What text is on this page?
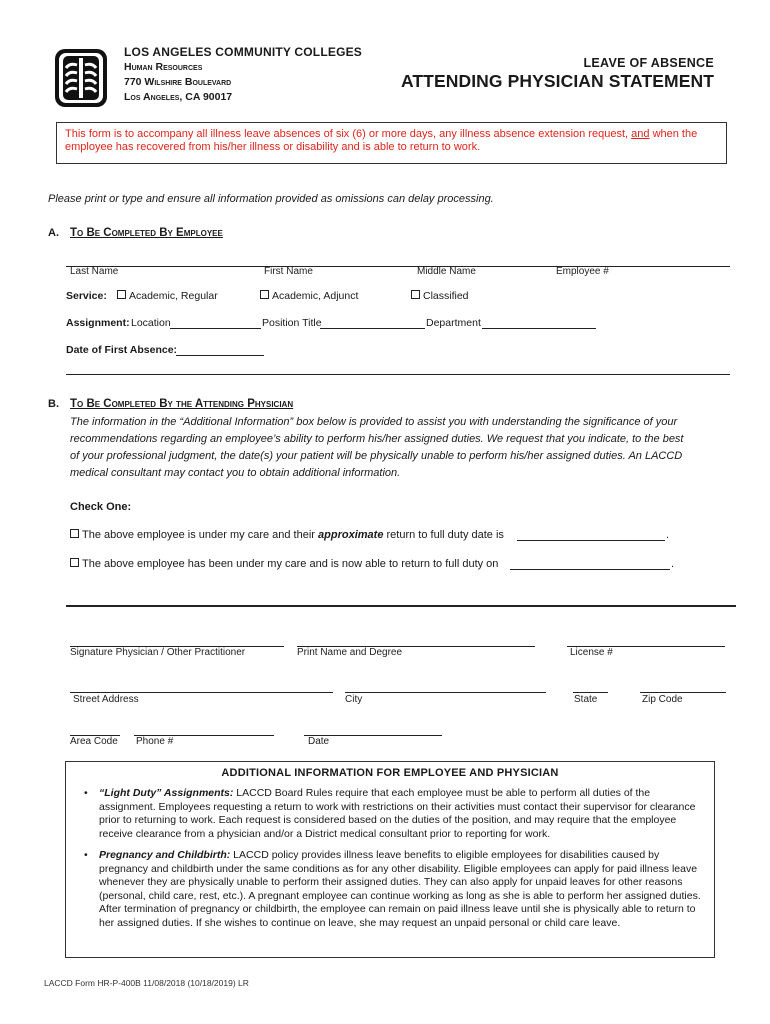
LOS ANGELES COMMUNITY COLLEGES
Human Resources
770 Wilshire Boulevard
Los Angeles, CA 90017
LEAVE OF ABSENCE
ATTENDING PHYSICIAN STATEMENT
This form is to accompany all illness leave absences of six (6) or more days, any illness absence extension request, and when the employee has recovered from his/her illness or disability and is able to return to work.
Please print or type and ensure all information provided as omissions can delay processing.
A. To Be Completed By Employee
Last Name	First Name	Middle Name	Employee #
Service:	Academic, Regular	Academic, Adjunct	Classified
Assignment: Location	Position Title	Department
Date of First Absence:
B. To Be Completed By the Attending Physician
The information in the “Additional Information” box below is provided to assist you with understanding the significance of your recommendations regarding an employee’s ability to perform his/her assigned duties. We request that you indicate, to the best of your professional judgment, the date(s) your patient will be physically unable to perform his/her assigned duties. An LACCD medical consultant may contact you to obtain additional information.
Check One:
The above employee is under my care and their approximate return to full duty date is	.
The above employee has been under my care and is now able to return to full duty on	.
Signature Physician / Other Practitioner	Print Name and Degree	License #
Street Address	City	State	Zip Code
Area Code Phone #	Date
ADDITIONAL INFORMATION FOR EMPLOYEE AND PHYSICIAN
• “Light Duty” Assignments: LACCD Board Rules require that each employee must be able to perform all duties of the assignment. Employees requesting a return to work with restrictions on their activities must contact their supervisor for clearance prior to returning to work. Each request is considered based on the duties of the position, and may require that the employee receive clearance from a physician and/or a District medical consultant prior to reporting for work.
• Pregnancy and Childbirth: LACCD policy provides illness leave benefits to eligible employees for disabilities caused by pregnancy and childbirth under the same conditions as for any other disability. Eligible employees can apply for paid illness leave whenever they are physically unable to perform their assigned duties. They can also apply for unpaid leaves for other reasons (personal, child care, rest, etc.). A pregnant employee can continue working as long as she is able to perform her assigned duties. After termination of pregnancy or childbirth, the employee can remain on paid illness leave until she is physically able to return to her assigned duties. If she wishes to continue on leave, she may request an unpaid personal or child care leave.
LACCD Form HR-P-400B 11/08/2018 (10/18/2019) LR
